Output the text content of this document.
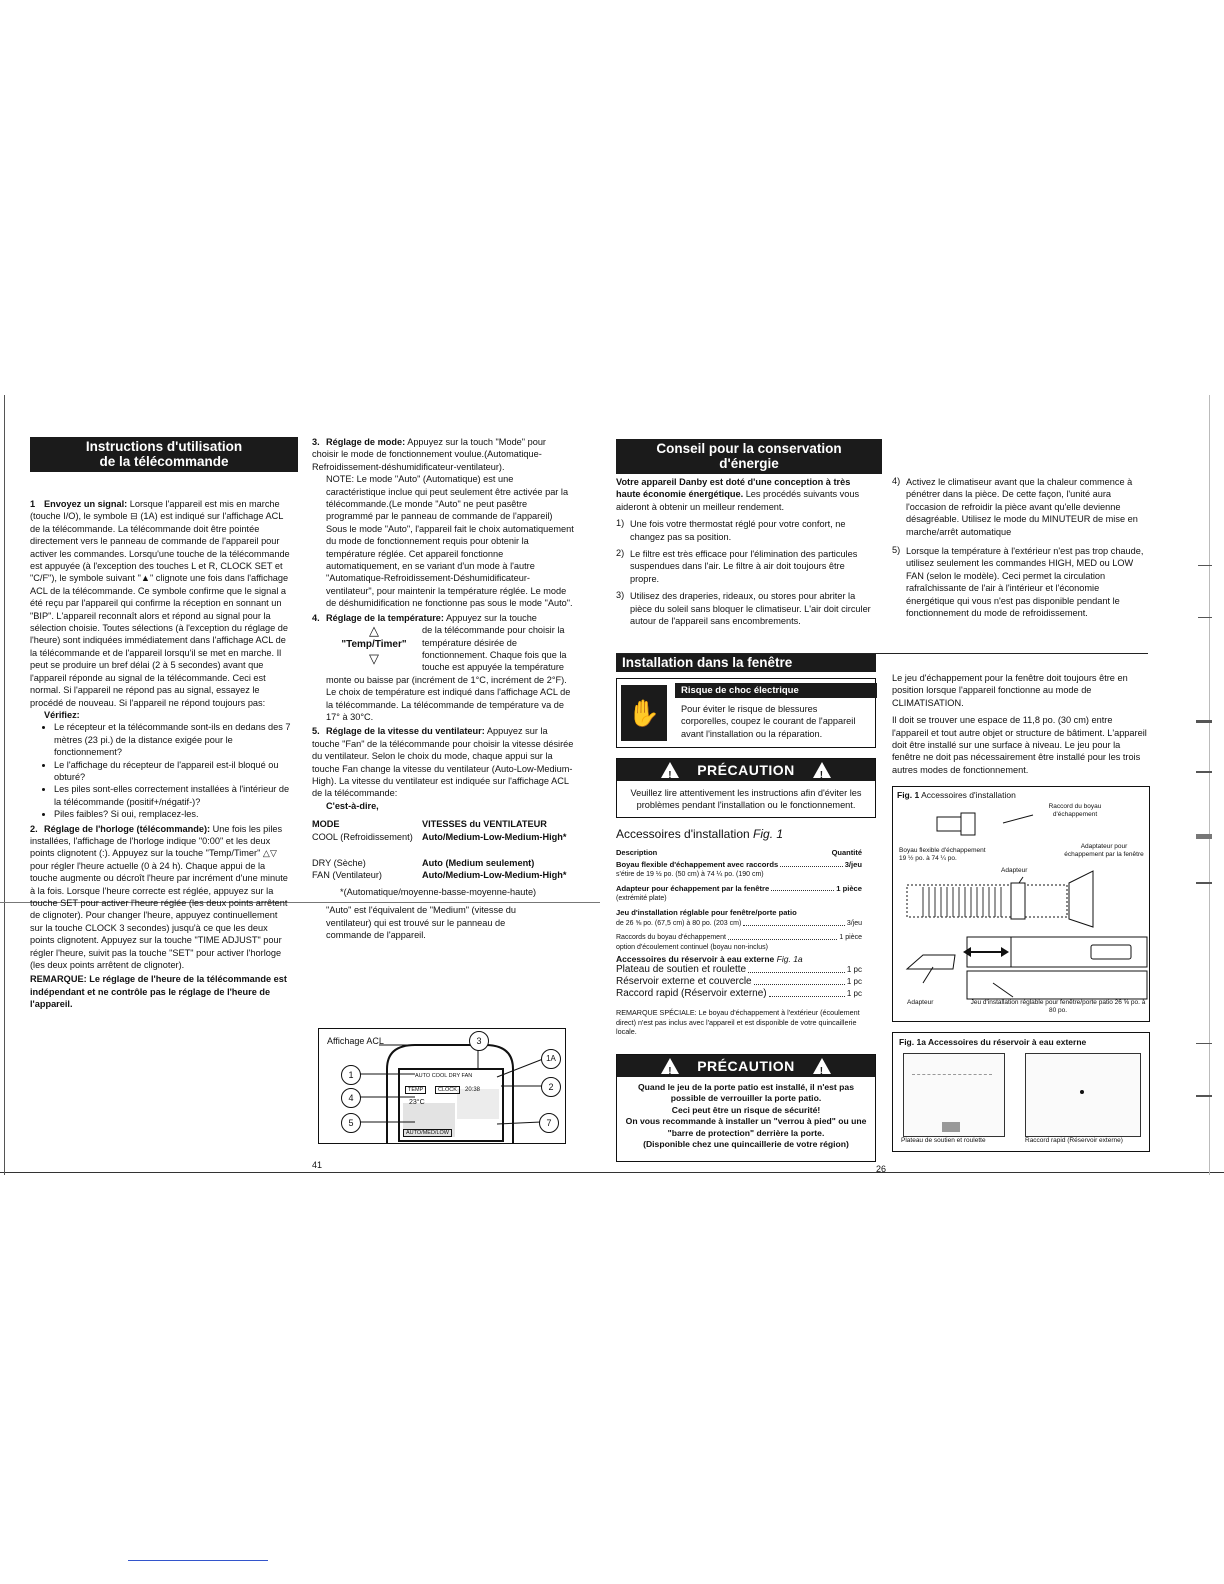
Instructions d'utilisation
de la télécommande

1 Envoyez un signal: Lorsque l'appareil est mis en marche (touche I/O), le symbole ⊟ (1A) est indiqué sur l'affichage ACL de la télécommande. La télécommande doit être pointée directement vers le panneau de commande de l'appareil pour activer les commandes. Lorsqu'une touche de la télécommande est appuyée (à l'exception des touches L et R, CLOCK SET et "C/F"), le symbole suivant "▲" clignote une fois dans l'affichage ACL de la télécommande. Ce symbole confirme que le signal a été reçu par l'appareil qui confirme la réception en sonnant un "BIP". L'appareil reconnaît alors et répond au signal pour la sélection choisie. Toutes sélections (à l'exception du réglage de l'heure) sont indiquées immédiatement dans l'affichage ACL de la télécommande et de l'appareil lorsqu'il se met en marche. Il peut se produire un bref délai (2 à 5 secondes) avant que l'appareil réponde au signal de la télécommande. Ceci est normal. Si l'appareil ne répond pas au signal, essayez le procédé de nouveau. Si l'appareil ne répond toujours pas:

Vérifiez:

• Le récepteur et la télécommande sont-ils en dedans des 7 mètres (23 pi.) de la distance exigée pour le fonctionnement?
• Le l'affichage du récepteur de l'appareil est-il bloqué ou obturé?
• Les piles sont-elles correctement installées à l'intérieur de la télécommande (positif+/négatif-)?
• Piles faibles? Si oui, remplacez-les.

2. Réglage de l'horloge (télécommande): Une fois les piles installées, l'affichage de l'horloge indique "0:00" et les deux points clignotent (:). Appuyez sur la touche "Temp/Timer" △▽ pour régler l'heure actuelle (0 à 24 h). Chaque appui de la touche augmente ou décroît l'heure par incrément d'une minute à la fois. Lorsque l'heure correcte est réglée, appuyez sur la touche SET pour activer l'heure réglée (les deux points arrêtent de clignoter). Pour changer l'heure, appuyez continuellement sur la touche CLOCK 3 secondes) jusqu'à ce que les deux points clignotent. Appuyez sur la touche "TIME ADJUST" pour régler l'heure, suivit pas la touche "SET" pour activer l'horloge (les deux points arrêtent de clignoter).

REMARQUE: Le réglage de l'heure de la télécommande est indépendant et ne contrôle pas le réglage de l'heure de l'appareil.

3. Réglage de mode: Appuyez sur la touch "Mode" pour choisir le mode de fonctionnement voulue.(Automatique-Refroidissement-déshumidificateur-ventilateur).

NOTE: Le mode "Auto" (Automatique) est une caractéristique inclue qui peut seulement être activée par la télécommande.(Le monde "Auto" ne peut pasêtre programmé par le panneau de commande de l'appareil) Sous le mode "Auto", l'appareil fait le choix automatiquement du mode de fonctionnement requis pour obtenir la température réglée. Cet appareil fonctionne automatiquement, en se variant d'un mode à l'autre "Automatique-Refroidissement-Déshumidificateur-ventilateur", pour maintenir la température réglée. Le mode de déshumidification ne fonctionne pas sous le mode "Auto".

4. Réglage de la température: Appuyez sur la touche

△
"Temp/Timer"
▽

de la télécommande pour choisir la

température désirée de

fonctionnement. Chaque fois que la

touche est appuyée la température

monte ou baisse par (incrément de 1°C, incrément de 2°F). Le choix de température est indiqué dans l'affichage ACL de la télécommande. La télécommande de température va de 17° à 30°C.

5. Réglage de la vitesse du ventilateur: Appuyez sur la touche "Fan" de la télécommande pour choisir la vitesse désirée du ventilateur. Selon le choix du mode, chaque appui sur la touche Fan change la vitesse du ventilateur (Auto-Low-Medium-High). La vitesse du ventilateur est indiquée sur l'affichage ACL de la télécommande:

C'est-à-dire,

MODE	VITESSES du VENTILATEUR
COOL (Refroidissement)	Auto/Medium-Low-Medium-High*
DRY (Sèche)	Auto (Medium seulement)
FAN (Ventilateur)	Auto/Medium-Low-Medium-High*
*(Automatique/moyenne-basse-moyenne-haute)

"Auto" est l'équivalent de "Medium" (vitesse du ventilateur) qui est trouvé sur le panneau de commande de l'appareil.

Affichage ACL	3
1A
1
2
4
5	7
AUTO COOL DRY FAN
TEMP	CLOCK
23°C
20:38
AUTO/MED/LOW
41
Conseil pour la conservation
d'énergie

Votre appareil Danby est doté d'une conception à très haute économie énergétique. Les procédés suivants vous aideront à obtenir un meilleur rendement.

1) Une fois votre thermostat réglé pour votre confort, ne changez pas sa position.

2) Le filtre est très efficace pour l'élimination des particules suspendues dans l'air. Le filtre à air doit toujours être propre.

3) Utilisez des draperies, rideaux, ou stores pour abriter la pièce du soleil sans bloquer le climatiseur. L'air doit circuler autour de l'appareil sans encombrements.

4) Activez le climatiseur avant que la chaleur commence à pénétrer dans la pièce. De cette façon, l'unité aura l'occasion de refroidir la pièce avant qu'elle devienne désagréable. Utilisez le mode du MINUTEUR de mise en marche/arrêt automatique

5) Lorsque la température à l'extérieur n'est pas trop chaude, utilisez seulement les commandes HIGH, MED ou LOW FAN (selon le modèle). Ceci permet la circulation rafraîchissante de l'air à l'intérieur et l'économie énergétique qui vous n'est pas disponible pendant le fonctionnement du mode de refroidissement.

Installation dans la fenêtre
✋
Risque de choc électrique

Pour éviter le risque de blessures corporelles, coupez le courant de l'appareil avant l'installation ou la réparation.

!PRÉCAUTION!

Veuillez lire attentivement les instructions afin d'éviter les problèmes pendant l'installation ou le fonctionnement.

Accessoires d'installation Fig. 1
Description	Quantité
Boyau flexible d'échappement avec raccords	3/jeu
s'étire de 19 ½ po. (50 cm) à 74 ¼ po. (190 cm)
Adapteur pour échappement par la fenêtre	1 pièce
(extrémité plate)
Jeu d'installation réglable pour fenêtre/porte patio
de 26 ⅝ po. (67,5 cm) à 80 po. (203 cm)	3/jeu
Raccords du boyau d'échappement	1 pièce
option d'écoulement continuel (boyau non-inclus)
Accessoires du réservoir à eau externe Fig. 1a
Plateau de soutien et roulette	1 pc
Réservoir externe et couvercle	1 pc
Raccord rapid (Réservoir externe)	1 pc

REMARQUE SPÉCIALE: Le boyau d'échappement à l'extérieur (écoulement direct) n'est pas inclus avec l'appareil et est disponible de votre quincaillerie locale.

!PRÉCAUTION!
Quand le jeu de la porte patio est installé, il n'est pas
possible de verrouiller la porte patio.
Ceci peut être un risque de sécurité!
On vous recommande à installer un "verrou à pied" ou une
"barre de protection" derrière la porte.
(Disponible chez une quincaillerie de votre région)

Le jeu d'échappement pour la fenêtre doit toujours être en position lorsque l'appareil fonctionne au mode de CLIMATISATION.

Il doit se trouver une espace de 11,8 po. (30 cm) entre l'appareil et tout autre objet or structure de bâtiment. L'appareil doit être installé sur une surface à niveau. Le jeu pour la fenêtre ne doit pas nécessairement être installé pour les trois autres modes de fonctionnement.

Fig. 1 Accessoires d'installation
Raccord du boyau d'échappement
Boyau flexible d'échappement 19 ½ po. à 74 ¼ po.
Adaptateur pour échappement par la fenêtre
Adapteur
Adapteur	Jeu d'installation réglable pour fenêtre/porte patio 26 ⅝ po. à 80 po.
Fig. 1a Accessoires du réservoir à eau externe
Plateau de soutien et roulette	Raccord rapid (Réservoir externe)
26
